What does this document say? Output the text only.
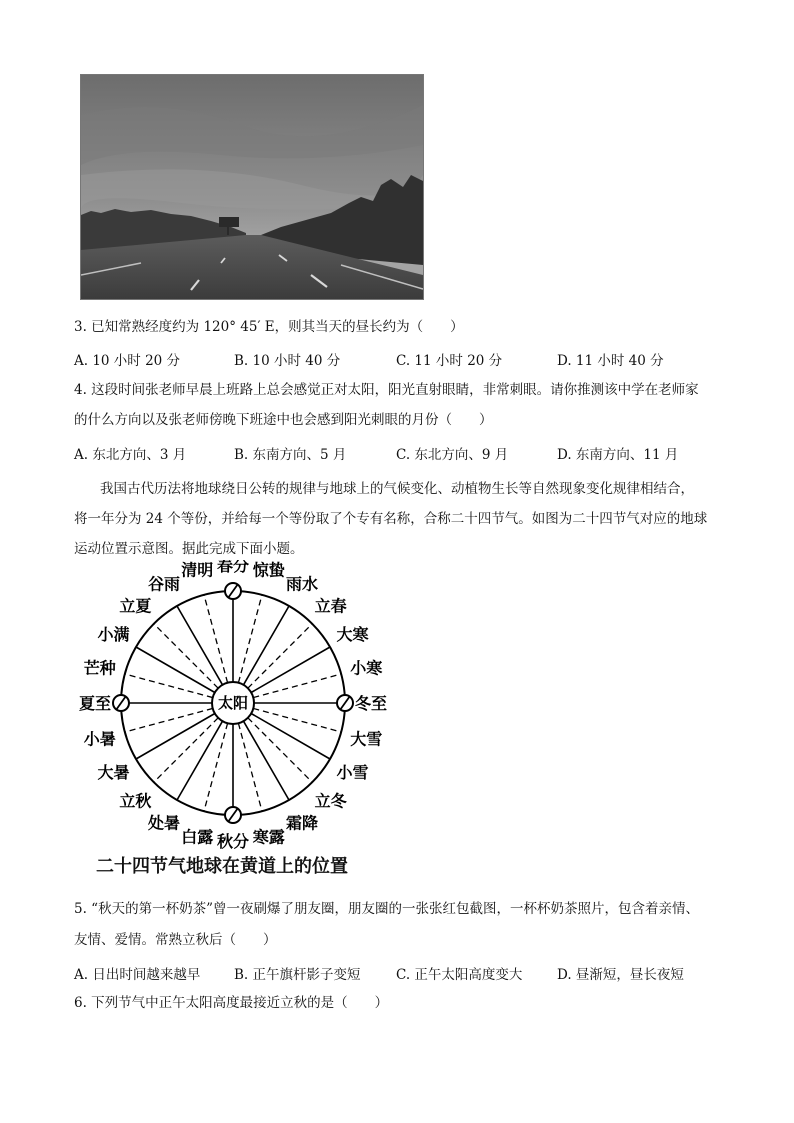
3. 已知常熟经度约为 120° 45′ E，则其当天的昼长约为（　　）
A. 10 小时 20 分	B. 10 小时 40 分	C. 11 小时 20 分	D. 11 小时 40 分
4. 这段时间张老师早晨上班路上总会感觉正对太阳，阳光直射眼睛，非常刺眼。请你推测该中学在老师家
的什么方向以及张老师傍晚下班途中也会感到阳光刺眼的月份（　　）
A. 东北方向、3 月	B. 东南方向、5 月	C. 东北方向、9 月	D. 东南方向、11 月
我国古代历法将地球绕日公转的规律与地球上的气候变化、动植物生长等自然现象变化规律相结合，
将一年分为 24 个等份，并给每一个等份取了个专有名称，合称二十四节气。如图为二十四节气对应的地球
运动位置示意图。据此完成下面小题。
太阳	冬至
大雪
小雪
立冬
霜降
寒露
秋分
白露
处暑
立秋
大暑
小暑
夏至
芒种
小满
立夏
谷雨
清明 春分 惊蛰
雨水
立春
大寒
小寒
二十四节气地球在黄道上的位置
5. “秋天的第一杯奶茶”曾一夜刷爆了朋友圈，朋友圈的一张张红包截图，一杯杯奶茶照片，包含着亲情、
友情、爱情。常熟立秋后（　　）
A. 日出时间越来越早 B. 正午旗杆影子变短	C. 正午太阳高度变大	D. 昼渐短，昼长夜短
6. 下列节气中正午太阳高度最接近立秋的是（　　）
